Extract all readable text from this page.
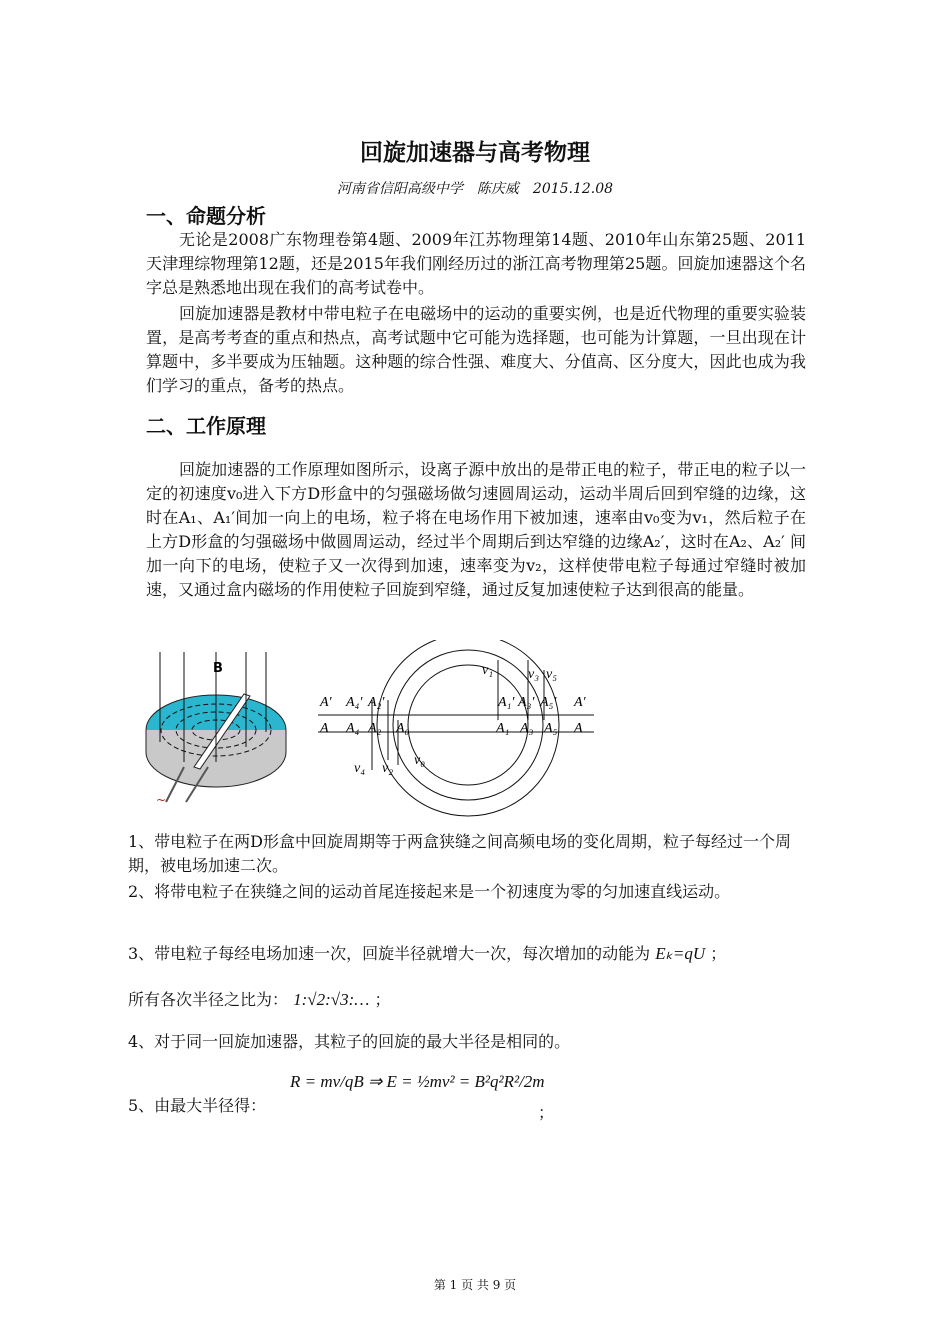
回旋加速器与高考物理
河南省信阳高级中学　陈庆威　2015.12.08
一、命题分析
无论是2008广东物理卷第4题、2009年江苏物理第14题、2010年山东第25题、2011天津理综物理第12题，还是2015年我们刚经历过的浙江高考物理第25题。回旋加速器这个名字总是熟悉地出现在我们的高考试卷中。
回旋加速器是教材中带电粒子在电磁场中的运动的重要实例，也是近代物理的重要实验装置，是高考考查的重点和热点，高考试题中它可能为选择题，也可能为计算题，一旦出现在计算题中，多半要成为压轴题。这种题的综合性强、难度大、分值高、区分度大，因此也成为我们学习的重点，备考的热点。
二、工作原理
回旋加速器的工作原理如图所示，设离子源中放出的是带正电的粒子，带正电的粒子以一定的初速度v₀进入下方D形盒中的匀强磁场做匀速圆周运动，运动半周后回到窄缝的边缘，这时在A₁、A₁′间加一向上的电场，粒子将在电场作用下被加速，速率由v₀变为v₁，然后粒子在上方D形盒的匀强磁场中做圆周运动，经过半个周期后到达窄缝的边缘A₂′，这时在A₂、A₂′ 间加一向下的电场，使粒子又一次得到加速，速率变为v₂，这样使带电粒子每通过窄缝时被加速，又通过盒内磁场的作用使粒子回旋到窄缝，通过反复加速使粒子达到很高的能量。
B
~
A′ A₄′ A₂′	A₁′ A₃′ A₅′ A′
A A₄ A₂ A₀	A₁ A₃ A₅ A
v₁ v₃ v₅
v₄ v₂
v₀
1、带电粒子在两D形盒中回旋周期等于两盒狭缝之间高频电场的变化周期，粒子每经过一个周期，被电场加速二次。
2、将带电粒子在狭缝之间的运动首尾连接起来是一个初速度为零的匀加速直线运动。
3、带电粒子每经电场加速一次，回旋半径就增大一次，每次增加的动能为 Eₖ=qU ；
所有各次半径之比为： 1:√2:√3:… ；
4、对于同一回旋加速器，其粒子的回旋的最大半径是相同的。
5、由最大半径得：
R = mv/qB ⇒ E = ½mv² = B²q²R²/2m
；
第 1 页 共 9 页
